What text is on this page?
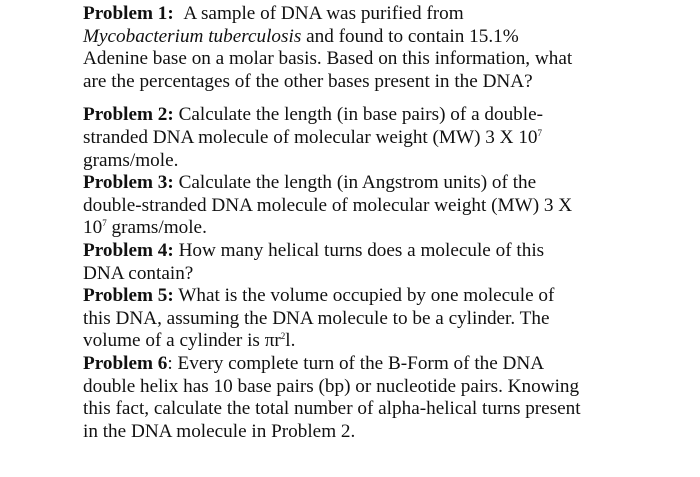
Problem 1: A sample of DNA was purified from
Mycobacterium tuberculosis and found to contain 15.1%
Adenine base on a molar basis. Based on this information, what
are the percentages of the other bases present in the DNA?
Problem 2: Calculate the length (in base pairs) of a double-
stranded DNA molecule of molecular weight (MW) 3 X $10^7$
grams/mole.
Problem 3: Calculate the length (in Angstrom units) of the
double-stranded DNA molecule of molecular weight (MW) 3 X
$10^7$ grams/mole.
Problem 4: How many helical turns does a molecule of this
DNA contain?
Problem 5: What is the volume occupied by one molecule of
this DNA, assuming the DNA molecule to be a cylinder. The
volume of a cylinder is $\pi r^2l$.
Problem 6: Every complete turn of the B-Form of the DNA
double helix has 10 base pairs (bp) or nucleotide pairs. Knowing
this fact, calculate the total number of alpha-helical turns present
in the DNA molecule in Problem 2.
